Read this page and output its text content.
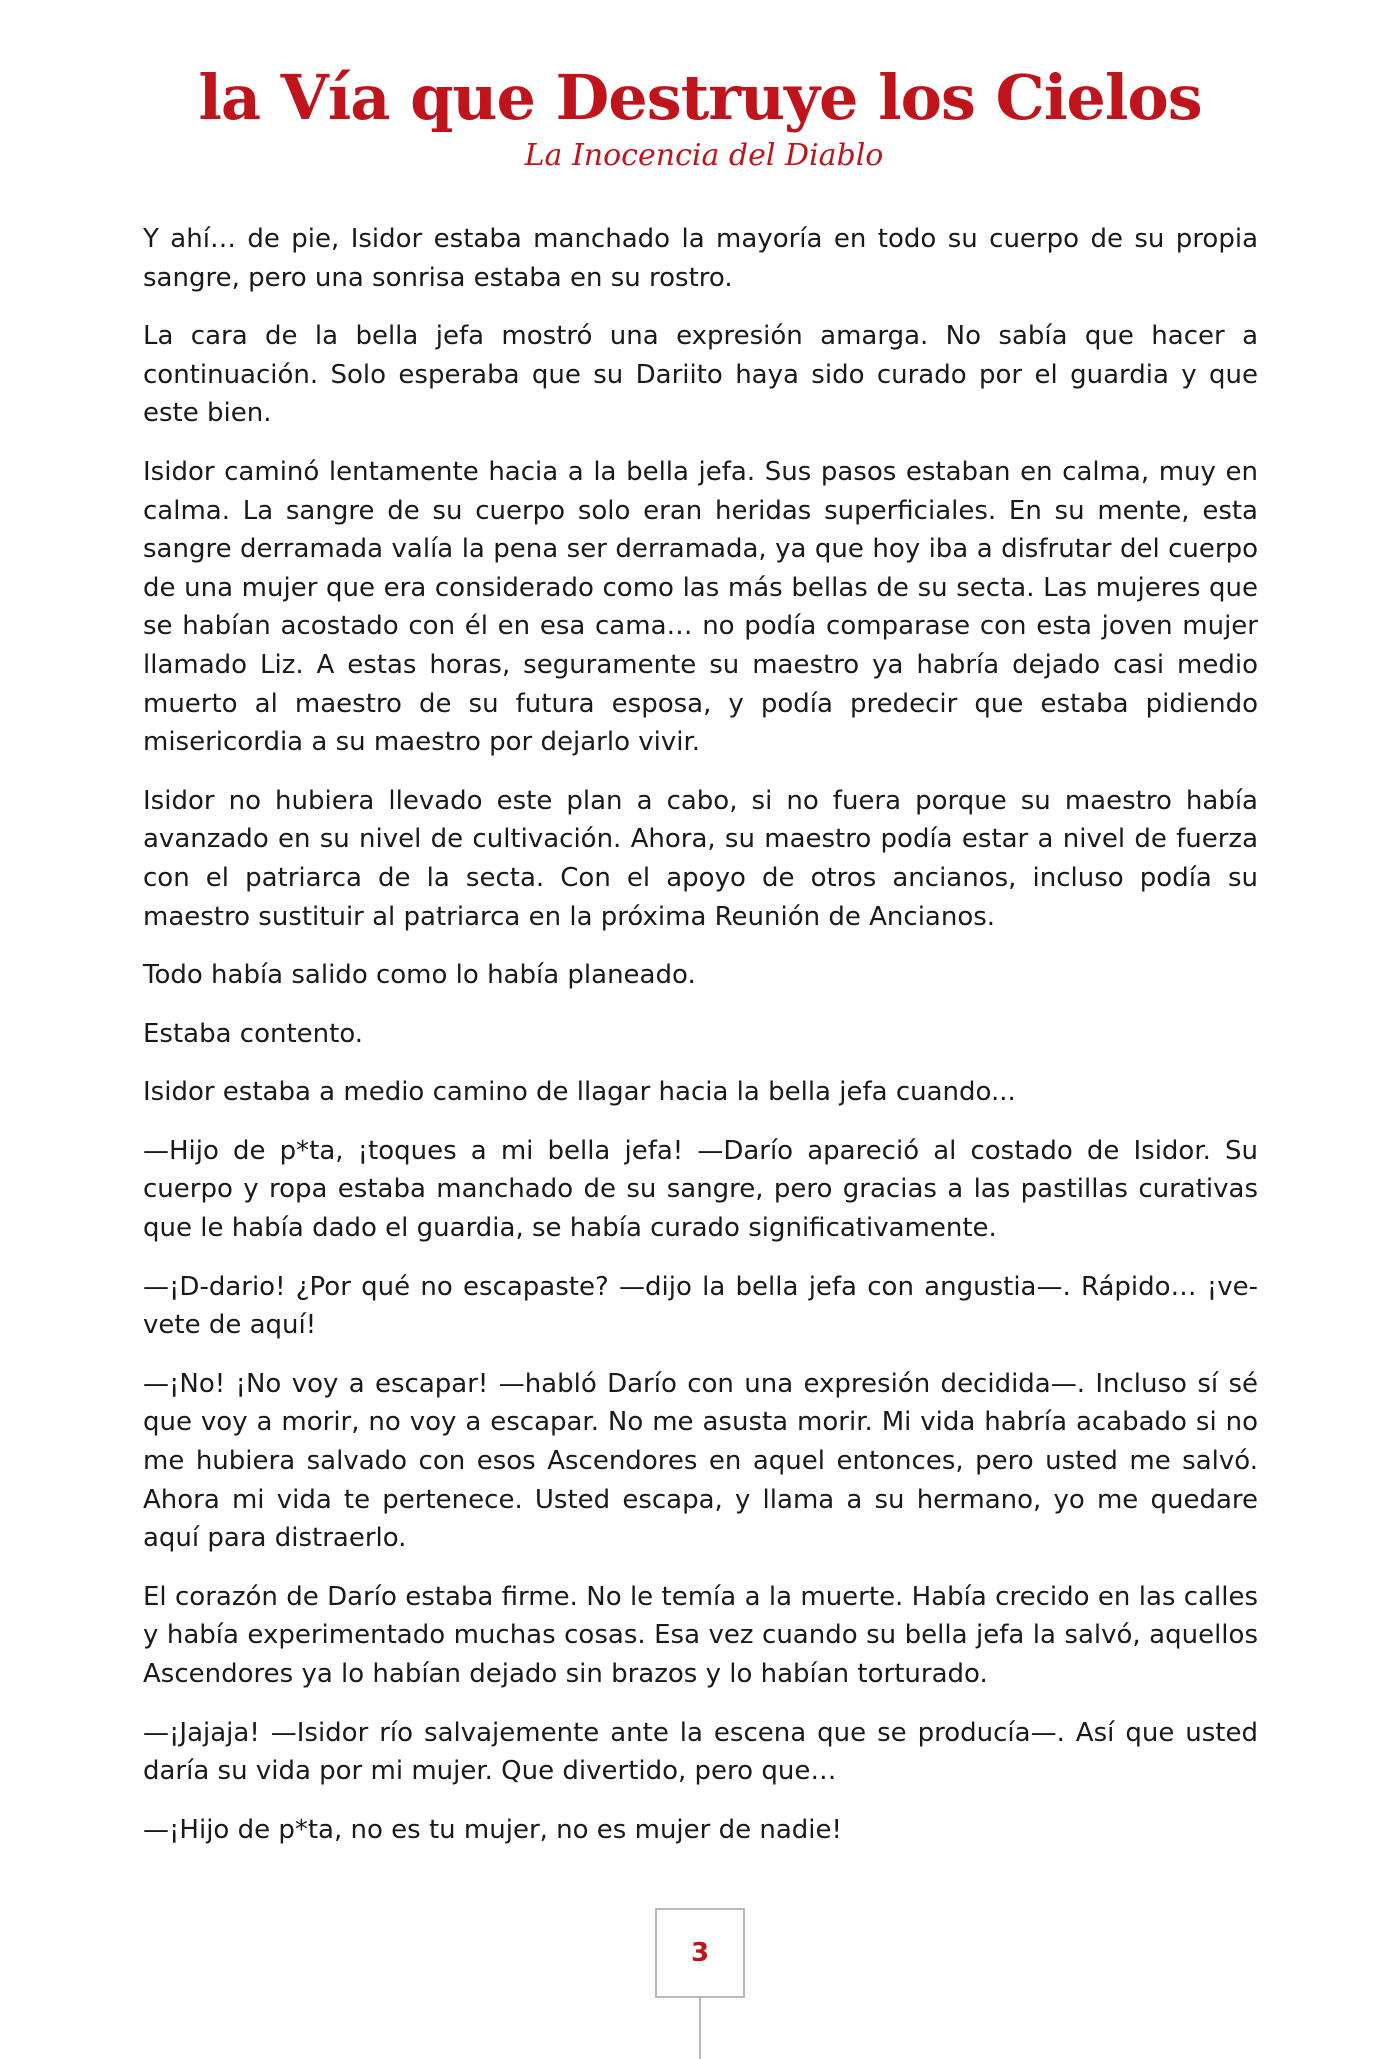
la Vía que Destruye los Cielos

La Inocencia del Diablo

Y ahí… de pie, Isidor estaba manchado la mayoría en todo su cuerpo de su propia sangre, pero una sonrisa estaba en su rostro.

La cara de la bella jefa mostró una expresión amarga. No sabía que hacer a continuación. Solo esperaba que su Dariito haya sido curado por el guardia y que este bien.

Isidor caminó lentamente hacia a la bella jefa. Sus pasos estaban en calma, muy en calma. La sangre de su cuerpo solo eran heridas superficiales. En su mente, esta sangre derramada valía la pena ser derramada, ya que hoy iba a disfrutar del cuerpo de una mujer que era considerado como las más bellas de su secta. Las mujeres que se habían acostado con él en esa cama… no podía comparase con esta joven mujer llamado Liz. A estas horas, seguramente su maestro ya habría dejado casi medio muerto al maestro de su futura esposa, y podía predecir que estaba pidiendo misericordia a su maestro por dejarlo vivir.

Isidor no hubiera llevado este plan a cabo, si no fuera porque su maestro había avanzado en su nivel de cultivación. Ahora, su maestro podía estar a nivel de fuerza con el patriarca de la secta. Con el apoyo de otros ancianos, incluso podía su maestro sustituir al patriarca en la próxima Reunión de Ancianos.

Todo había salido como lo había planeado.

Estaba contento.

Isidor estaba a medio camino de llagar hacia la bella jefa cuando...

—Hijo de p*ta, ¡toques a mi bella jefa! —Darío apareció al costado de Isidor. Su cuerpo y ropa estaba manchado de su sangre, pero gracias a las pastillas curativas que le había dado el guardia, se había curado significativamente.

—¡D-dario! ¿Por qué no escapaste? —dijo la bella jefa con angustia—. Rápido… ¡ve-vete de aquí!

—¡No! ¡No voy a escapar! —habló Darío con una expresión decidida—. Incluso sí sé que voy a morir, no voy a escapar. No me asusta morir. Mi vida habría acabado si no me hubiera salvado con esos Ascendores en aquel entonces, pero usted me salvó. Ahora mi vida te pertenece. Usted escapa, y llama a su hermano, yo me quedare aquí para distraerlo.

El corazón de Darío estaba firme. No le temía a la muerte. Había crecido en las calles y había experimentado muchas cosas. Esa vez cuando su bella jefa la salvó, aquellos Ascendores ya lo habían dejado sin brazos y lo habían torturado.

—¡Jajaja! —Isidor río salvajemente ante la escena que se producía—. Así que usted daría su vida por mi mujer. Que divertido, pero que…

—¡Hijo de p*ta, no es tu mujer, no es mujer de nadie!

3
